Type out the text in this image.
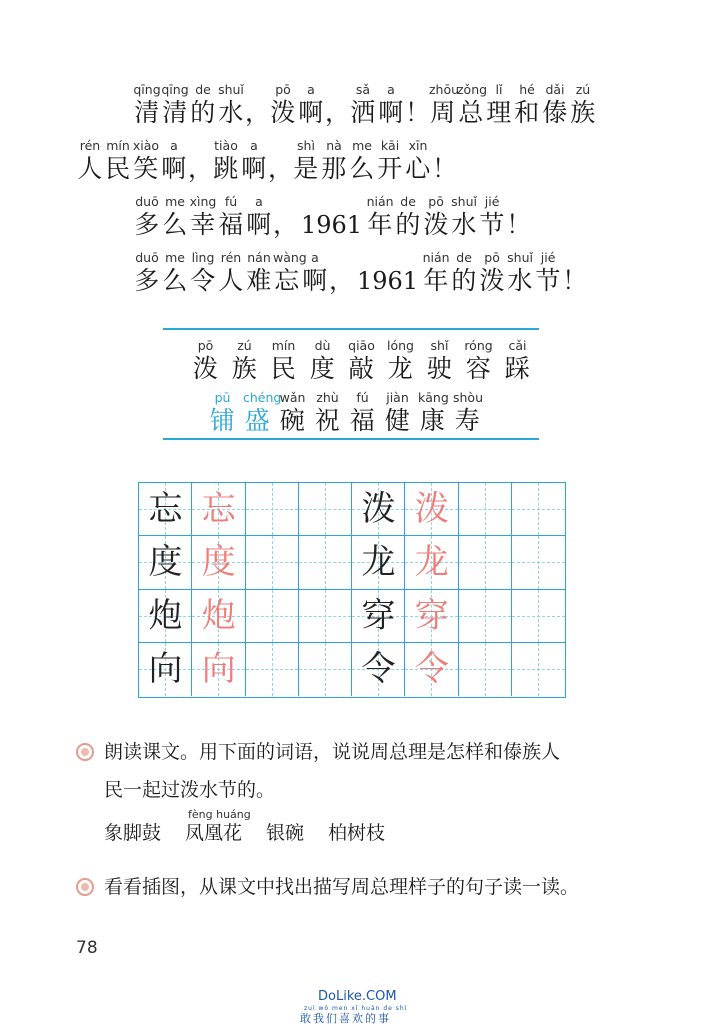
qīng
清
qīng
清
de
的
shuǐ
水 ，
pō
泼
a
啊 ，
sǎ
洒
a
啊 ！
zhōu
周
zǒng
总
lǐ
理
hé
和
dǎi
傣
zú
族
rén
人
mín
民
xiào
笑
a
啊 ，
tiào
跳
a
啊 ，
shì
是
nà
那
me
么
kāi
开
xīn
心 ！
duō
多
me
么
xìng
幸
fú
福
a
啊 ， 1961
nián
年
de
的
pō
泼
shuǐ
水
jié
节 ！
duō
多
me
么
lìng
令
rén
人
nán
难
wàng
忘
a
啊 ， 1961
nián
年
de
的
pō
泼
shuǐ
水
jié
节 ！
pō
泼
zú
族
mín
民
dù
度
qiāo
敲
lóng
龙
shǐ
驶
róng
容
cǎi
踩
pū
铺
chéng
盛
wǎn
碗
zhù
祝
fú
福
jiàn
健
kāng
康
shòu
寿
忘 忘	泼 泼
度 度	龙 龙
炮 炮	穿 穿
向 向	令 令
朗读课文。用下面的词语，说说周总理是怎样和傣族人
民一起过泼水节的。
fèng huáng
象脚鼓 凤凰花 银碗 柏树枝
看看插图，从课文中找出描写周总理样子的句子读一读。
78
DoLike.COM
zuì wǒ men xǐ huān de shì
敢我们喜欢的事
